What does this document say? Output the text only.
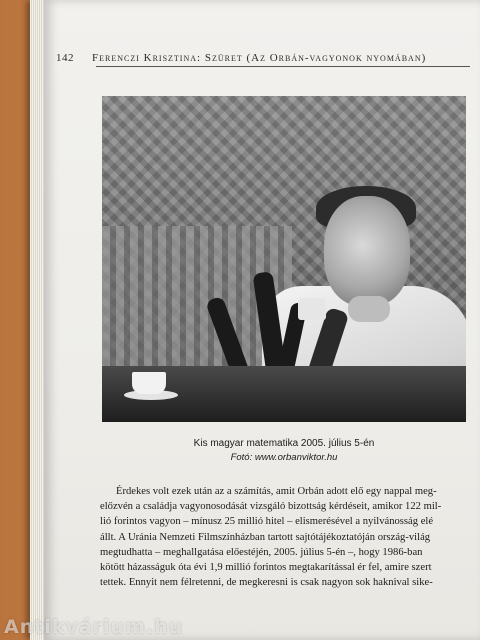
142 Ferenczi Krisztina: Szüret (Az Orbán-vagyonok nyomában)
Kis magyar matematika 2005. július 5-én
Fotó: www.orbanviktor.hu
Érdekes volt ezek után az a számítás, amit Orbán adott elő egy nappal meg-
előzvén a családja vagyonosodását vizsgáló bizottság kérdéseit, amikor 122 mil-
lió forintos vagyon – mínusz 25 millió hitel – elismerésével a nyilvánosság elé
állt. A Uránia Nemzeti Filmszínházban tartott sajtótájékoztatóján ország-világ
megtudhatta – meghallgatása előestéjén, 2005. július 5-én –, hogy 1986-ban
kötött házasságuk óta évi 1,9 millió forintos megtakarítással ér fel, amire szert
tettek. Ennyit nem félretenni, de megkeresni is csak nagyon sok haknival sike-
Antikvárium.hu
